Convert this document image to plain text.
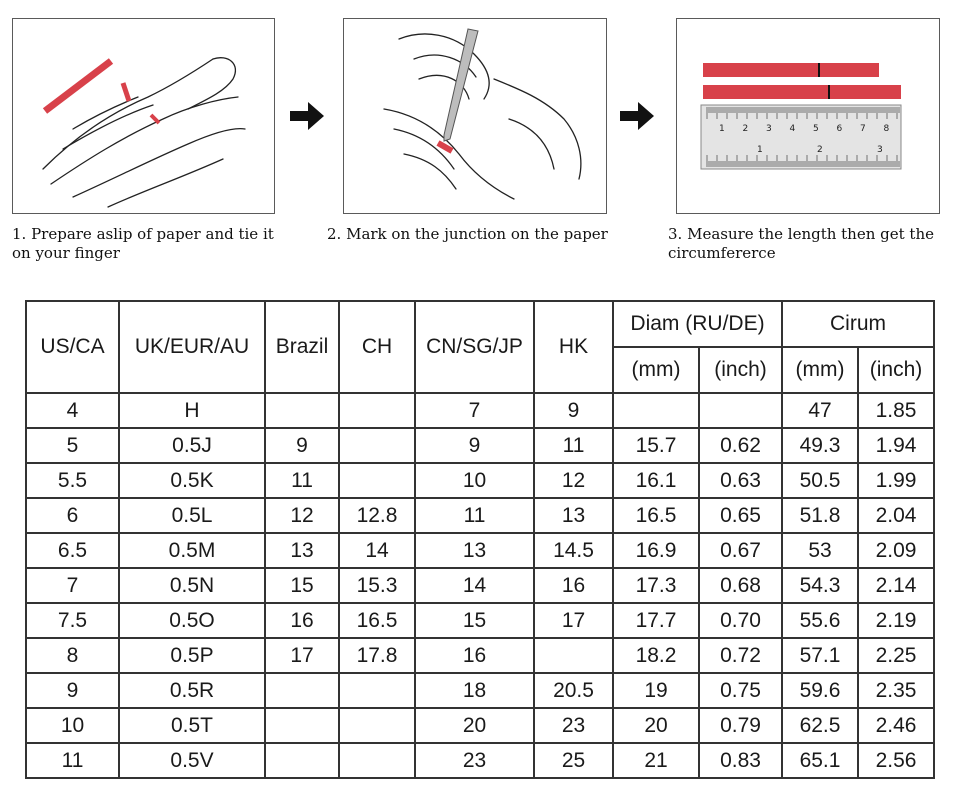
1 2 3 4 5 6 7 8
1	2	3
1. Prepare aslip of paper and tie it
on your finger
2. Mark on the junction on the paper	3. Measure the length then get the
circumfererce
US/CA	UK/EUR/AU	Brazil	CH	CN/SG/JP	HK	Diam (RU/DE)		Cirum	
						(mm)	(inch)	(mm)	(inch)
4	H			7	9			47	1.85
5	0.5J	9		9	11	15.7	0.62	49.3	1.94
5.5	0.5K	11		10	12	16.1	0.63	50.5	1.99
6	0.5L	12	12.8	11	13	16.5	0.65	51.8	2.04
6.5	0.5M	13	14	13	14.5	16.9	0.67	53	2.09
7	0.5N	15	15.3	14	16	17.3	0.68	54.3	2.14
7.5	0.5O	16	16.5	15	17	17.7	0.70	55.6	2.19
8	0.5P	17	17.8	16		18.2	0.72	57.1	2.25
9	0.5R			18	20.5	19	0.75	59.6	2.35
10	0.5T			20	23	20	0.79	62.5	2.46
11	0.5V			23	25	21	0.83	65.1	2.56
